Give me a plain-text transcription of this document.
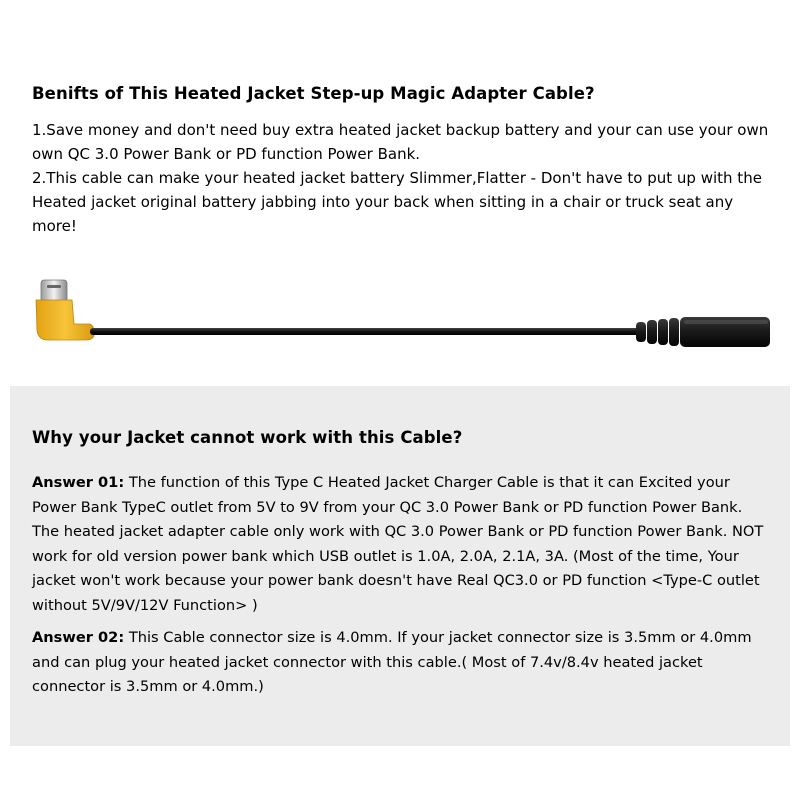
Benifts of This Heated Jacket Step-up Magic Adapter Cable?
1.Save money and don't need buy extra heated jacket backup battery and your can use your own own QC 3.0 Power Bank or PD function Power Bank.
2.This cable can make your heated jacket battery Slimmer,Flatter - Don't have to put up with the Heated jacket original battery jabbing into your back when sitting in a chair or truck seat any more!
Why your Jacket cannot work with this Cable?
Answer 01: The function of this Type C Heated Jacket Charger Cable is that it can Excited your Power Bank TypeC outlet from 5V to 9V from your QC 3.0 Power Bank or PD function Power Bank. The heated jacket adapter cable only work with QC 3.0 Power Bank or PD function Power Bank. NOT work for old version power bank which USB outlet is 1.0A, 2.0A, 2.1A, 3A. (Most of the time, Your jacket won't work because your power bank doesn't have Real QC3.0 or PD function <Type-C outlet without 5V/9V/12V Function> )
Answer 02: This Cable connector size is 4.0mm. If your jacket connector size is 3.5mm or 4.0mm and can plug your heated jacket connector with this cable.( Most of 7.4v/8.4v heated jacket connector is 3.5mm or 4.0mm.)
